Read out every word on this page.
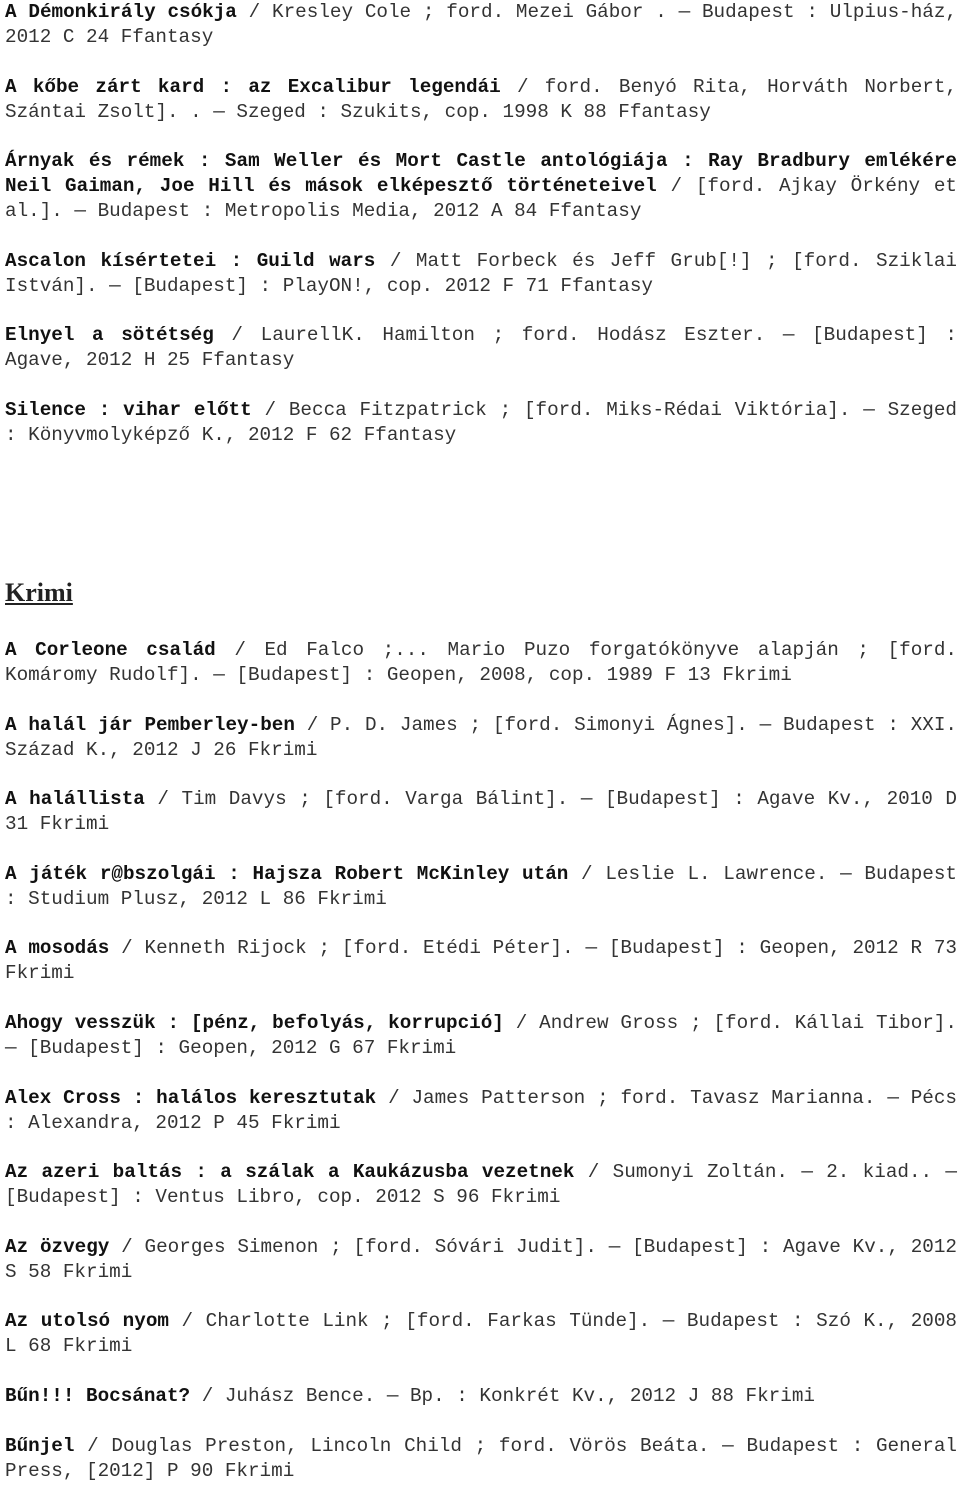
A Démonkirály csókja / Kresley Cole ; ford. Mezei Gábor . — Budapest : Ulpius-ház, 2012 C 24 Ffantasy

A kőbe zárt kard : az Excalibur legendái / ford. Benyó Rita, Horváth Norbert, Szántai Zsolt]. . — Szeged : Szukits, cop. 1998 K 88 Ffantasy

Árnyak és rémek : Sam Weller és Mort Castle antológiája : Ray Bradbury emlékére Neil Gaiman, Joe Hill és mások elképesztő történeteivel / [ford. Ajkay Örkény et al.]. — Budapest : Metropolis Media, 2012 A 84 Ffantasy

Ascalon kísértetei : Guild wars / Matt Forbeck és Jeff Grub[!] ; [ford. Sziklai István]. — [Budapest] : PlayON!, cop. 2012 F 71 Ffantasy

Elnyel a sötétség / LaurellK. Hamilton ; ford. Hodász Eszter. — [Budapest] : Agave, 2012 H 25 Ffantasy

Silence : vihar előtt / Becca Fitzpatrick ; [ford. Miks-Rédai Viktória]. — Szeged : Könyvmolyképző K., 2012 F 62 Ffantasy

Krimi

A Corleone család / Ed Falco ;... Mario Puzo forgatókönyve alapján ; [ford. Komáromy Rudolf]. — [Budapest] : Geopen, 2008, cop. 1989 F 13 Fkrimi

A halál jár Pemberley-ben / P. D. James ; [ford. Simonyi Ágnes]. — Budapest : XXI. Század K., 2012 J 26 Fkrimi

A halállista / Tim Davys ; [ford. Varga Bálint]. — [Budapest] : Agave Kv., 2010 D 31 Fkrimi

A játék r@bszolgái : Hajsza Robert McKinley után / Leslie L. Lawrence. — Budapest : Studium Plusz, 2012 L 86 Fkrimi

A mosodás / Kenneth Rijock ; [ford. Etédi Péter]. — [Budapest] : Geopen, 2012 R 73 Fkrimi

Ahogy vesszük : [pénz, befolyás, korrupció] / Andrew Gross ; [ford. Kállai Tibor]. — [Budapest] : Geopen, 2012 G 67 Fkrimi

Alex Cross : halálos keresztutak / James Patterson ; ford. Tavasz Marianna. — Pécs : Alexandra, 2012 P 45 Fkrimi

Az azeri baltás : a szálak a Kaukázusba vezetnek / Sumonyi Zoltán. — 2. kiad.. — [Budapest] : Ventus Libro, cop. 2012 S 96 Fkrimi

Az özvegy / Georges Simenon ; [ford. Sóvári Judit]. — [Budapest] : Agave Kv., 2012 S 58 Fkrimi

Az utolsó nyom / Charlotte Link ; [ford. Farkas Tünde]. — Budapest : Szó K., 2008 L 68 Fkrimi

Bűn!!! Bocsánat? / Juhász Bence. — Bp. : Konkrét Kv., 2012 J 88 Fkrimi

Bűnjel / Douglas Preston, Lincoln Child ; ford. Vörös Beáta. — Budapest : General Press, [2012] P 90 Fkrimi
